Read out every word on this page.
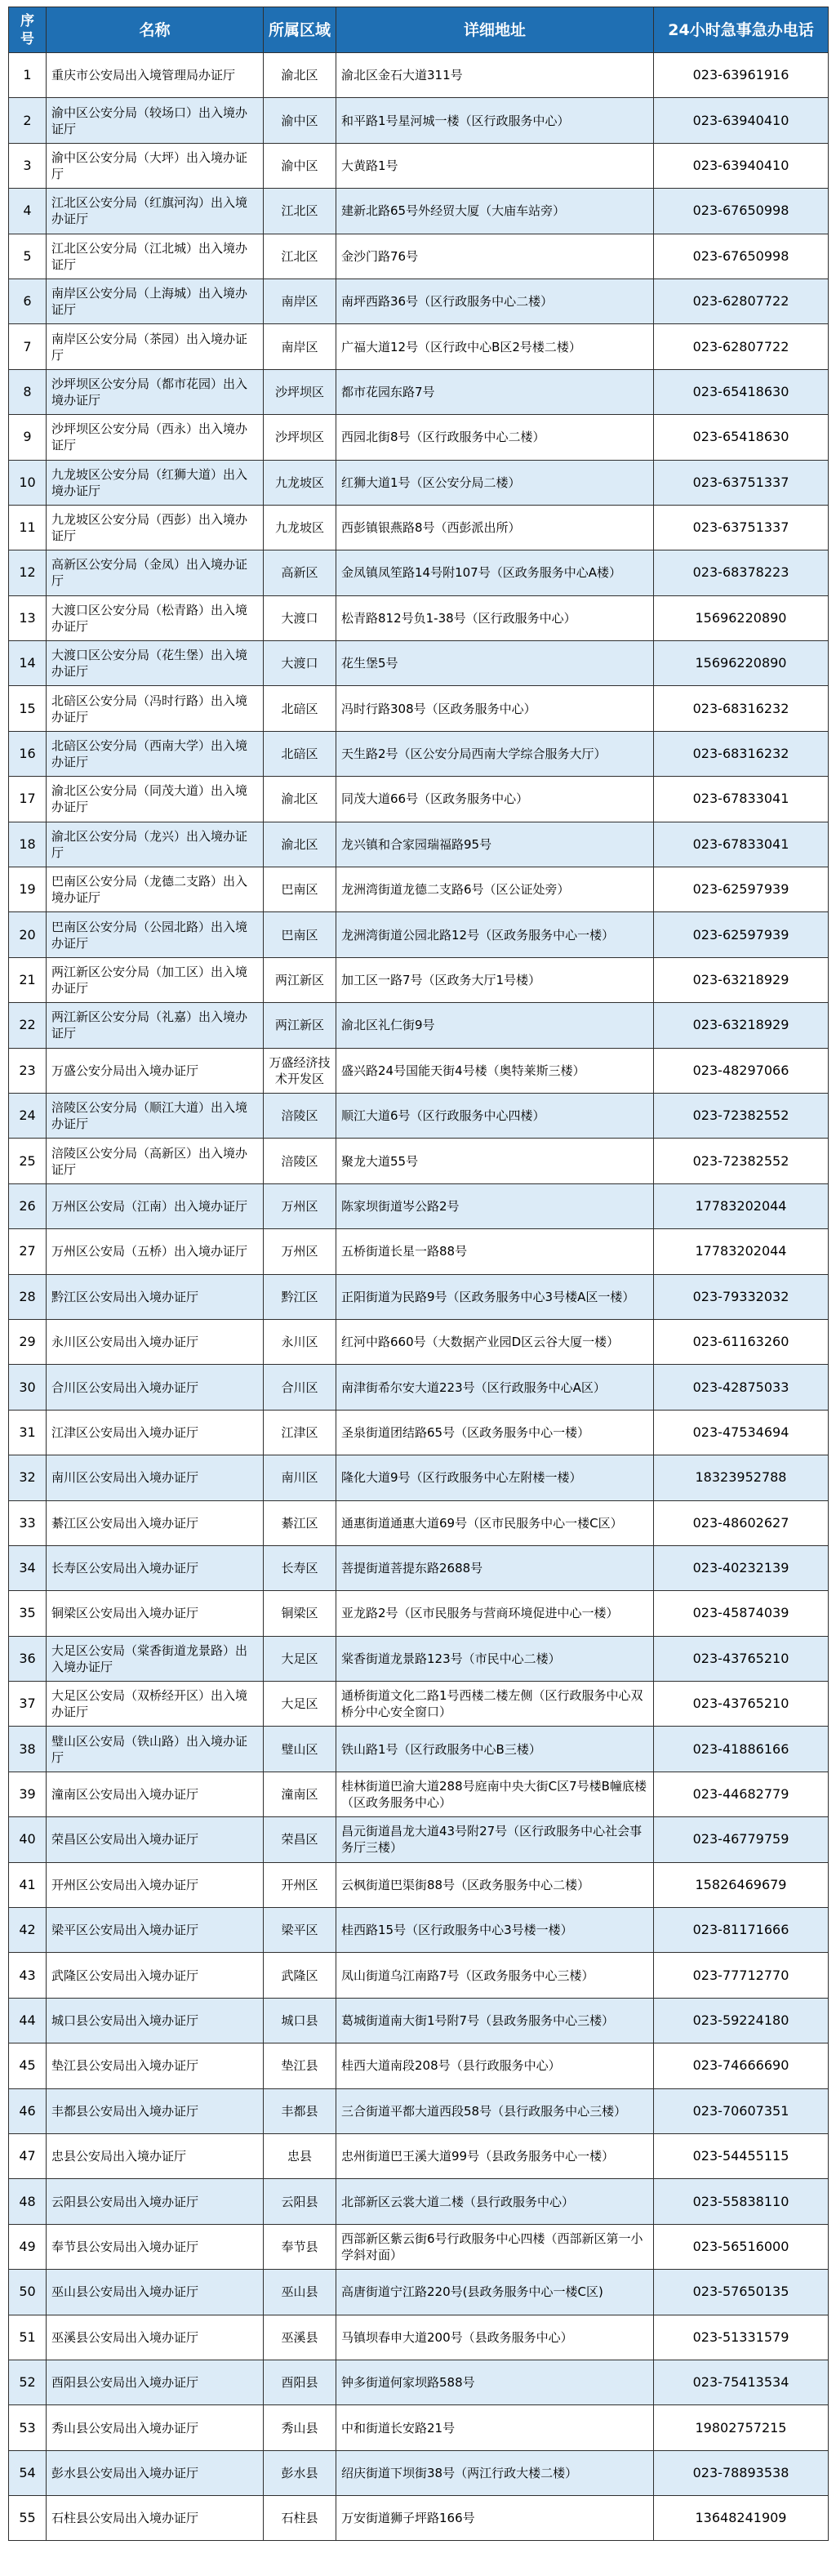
序号	名称	所属区域	详细地址	24小时急事急办电话
1	重庆市公安局出入境管理局办证厅	渝北区	渝北区金石大道311号	023-63961916
2	渝中区公安分局（较场口）出入境办证厅	渝中区	和平路1号星河城一楼（区行政服务中心）	023-63940410
3	渝中区公安分局（大坪）出入境办证厅	渝中区	大黄路1号	023-63940410
4	江北区公安分局（红旗河沟）出入境办证厅	江北区	建新北路65号外经贸大厦（大庙车站旁）	023-67650998
5	江北区公安分局（江北城）出入境办证厅	江北区	金沙门路76号	023-67650998
6	南岸区公安分局（上海城）出入境办证厅	南岸区	南坪西路36号（区行政服务中心二楼）	023-62807722
7	南岸区公安分局（茶园）出入境办证厅	南岸区	广福大道12号（区行政中心B区2号楼二楼）	023-62807722
8	沙坪坝区公安分局（都市花园）出入境办证厅	沙坪坝区	都市花园东路7号	023-65418630
9	沙坪坝区公安分局（西永）出入境办证厅	沙坪坝区	西园北街8号（区行政服务中心二楼）	023-65418630
10	九龙坡区公安分局（红狮大道）出入境办证厅	九龙坡区	红狮大道1号（区公安分局二楼）	023-63751337
11	九龙坡区公安分局（西彭）出入境办证厅	九龙坡区	西彭镇银燕路8号（西彭派出所）	023-63751337
12	高新区公安分局（金凤）出入境办证厅	高新区	金凤镇凤笙路14号附107号（区政务服务中心A楼）	023-68378223
13	大渡口区公安分局（松青路）出入境办证厅	大渡口	松青路812号负1-38号（区行政服务中心）	15696220890
14	大渡口区公安分局（花生堡）出入境办证厅	大渡口	花生堡5号	15696220890
15	北碚区公安分局（冯时行路）出入境办证厅	北碚区	冯时行路308号（区政务服务中心）	023-68316232
16	北碚区公安分局（西南大学）出入境办证厅	北碚区	天生路2号（区公安分局西南大学综合服务大厅）	023-68316232
17	渝北区公安分局（同茂大道）出入境办证厅	渝北区	同茂大道66号（区政务服务中心）	023-67833041
18	渝北区公安分局（龙兴）出入境办证厅	渝北区	龙兴镇和合家园瑞福路95号	023-67833041
19	巴南区公安分局（龙德二支路）出入境办证厅	巴南区	龙洲湾街道龙德二支路6号（区公证处旁）	023-62597939
20	巴南区公安分局（公园北路）出入境办证厅	巴南区	龙洲湾街道公园北路12号（区政务服务中心一楼）	023-62597939
21	两江新区公安分局（加工区）出入境办证厅	两江新区	加工区一路7号（区政务大厅1号楼）	023-63218929
22	两江新区公安分局（礼嘉）出入境办证厅	两江新区	渝北区礼仁街9号	023-63218929
23	万盛公安分局出入境办证厅	万盛经济技术开发区	盛兴路24号国能天街4号楼（奥特莱斯三楼）	023-48297066
24	涪陵区公安分局（顺江大道）出入境办证厅	涪陵区	顺江大道6号（区行政服务中心四楼）	023-72382552
25	涪陵区公安分局（高新区）出入境办证厅	涪陵区	聚龙大道55号	023-72382552
26	万州区公安局（江南）出入境办证厅	万州区	陈家坝街道岑公路2号	17783202044
27	万州区公安局（五桥）出入境办证厅	万州区	五桥街道长星一路88号	17783202044
28	黔江区公安局出入境办证厅	黔江区	正阳街道为民路9号（区政务服务中心3号楼A区一楼）	023-79332032
29	永川区公安局出入境办证厅	永川区	红河中路660号（大数据产业园D区云谷大厦一楼）	023-61163260
30	合川区公安局出入境办证厅	合川区	南津街希尔安大道223号（区行政服务中心A区）	023-42875033
31	江津区公安局出入境办证厅	江津区	圣泉街道团结路65号（区政务服务中心一楼）	023-47534694
32	南川区公安局出入境办证厅	南川区	隆化大道9号（区行政服务中心左附楼一楼）	18323952788
33	綦江区公安局出入境办证厅	綦江区	通惠街道通惠大道69号（区市民服务中心一楼C区）	023-48602627
34	长寿区公安局出入境办证厅	长寿区	菩提街道菩提东路2688号	023-40232139
35	铜梁区公安局出入境办证厅	铜梁区	亚龙路2号（区市民服务与营商环境促进中心一楼）	023-45874039
36	大足区公安局（棠香街道龙景路）出入境办证厅	大足区	棠香街道龙景路123号（市民中心二楼）	023-43765210
37	大足区公安局（双桥经开区）出入境办证厅	大足区	通桥街道文化二路1号西楼二楼左侧（区行政服务中心双桥分中心安全窗口）	023-43765210
38	璧山区公安局（铁山路）出入境办证厅	璧山区	铁山路1号（区行政服务中心B三楼）	023-41886166
39	潼南区公安局出入境办证厅	潼南区	桂林街道巴渝大道288号庭南中央大街C区7号楼B幢底楼（区政务服务中心）	023-44682779
40	荣昌区公安局出入境办证厅	荣昌区	昌元街道昌龙大道43号附27号（区行政服务中心社会事务厅三楼）	023-46779759
41	开州区公安局出入境办证厅	开州区	云枫街道巴渠街88号（区政务服务中心二楼）	15826469679
42	梁平区公安局出入境办证厅	梁平区	桂西路15号（区行政服务中心3号楼一楼）	023-81171666
43	武隆区公安局出入境办证厅	武隆区	凤山街道乌江南路7号（区政务服务中心三楼）	023-77712770
44	城口县公安局出入境办证厅	城口县	葛城街道南大街1号附7号（县政务服务中心三楼）	023-59224180
45	垫江县公安局出入境办证厅	垫江县	桂西大道南段208号（县行政服务中心）	023-74666690
46	丰都县公安局出入境办证厅	丰都县	三合街道平都大道西段58号（县行政服务中心三楼）	023-70607351
47	忠县公安局出入境办证厅	忠县	忠州街道巴王溪大道99号（县政务服务中心一楼）	023-54455115
48	云阳县公安局出入境办证厅	云阳县	北部新区云裳大道二楼（县行政服务中心）	023-55838110
49	奉节县公安局出入境办证厅	奉节县	西部新区紫云街6号行政服务中心四楼（西部新区第一小学斜对面）	023-56516000
50	巫山县公安局出入境办证厅	巫山县	高唐街道宁江路220号(县政务服务中心一楼C区)	023-57650135
51	巫溪县公安局出入境办证厅	巫溪县	马镇坝春申大道200号（县政务服务中心）	023-51331579
52	酉阳县公安局出入境办证厅	酉阳县	钟多街道何家坝路588号	023-75413534
53	秀山县公安局出入境办证厅	秀山县	中和街道长安路21号	19802757215
54	彭水县公安局出入境办证厅	彭水县	绍庆街道下坝街38号（两江行政大楼二楼）	023-78893538
55	石柱县公安局出入境办证厅	石柱县	万安街道狮子坪路166号	13648241909
